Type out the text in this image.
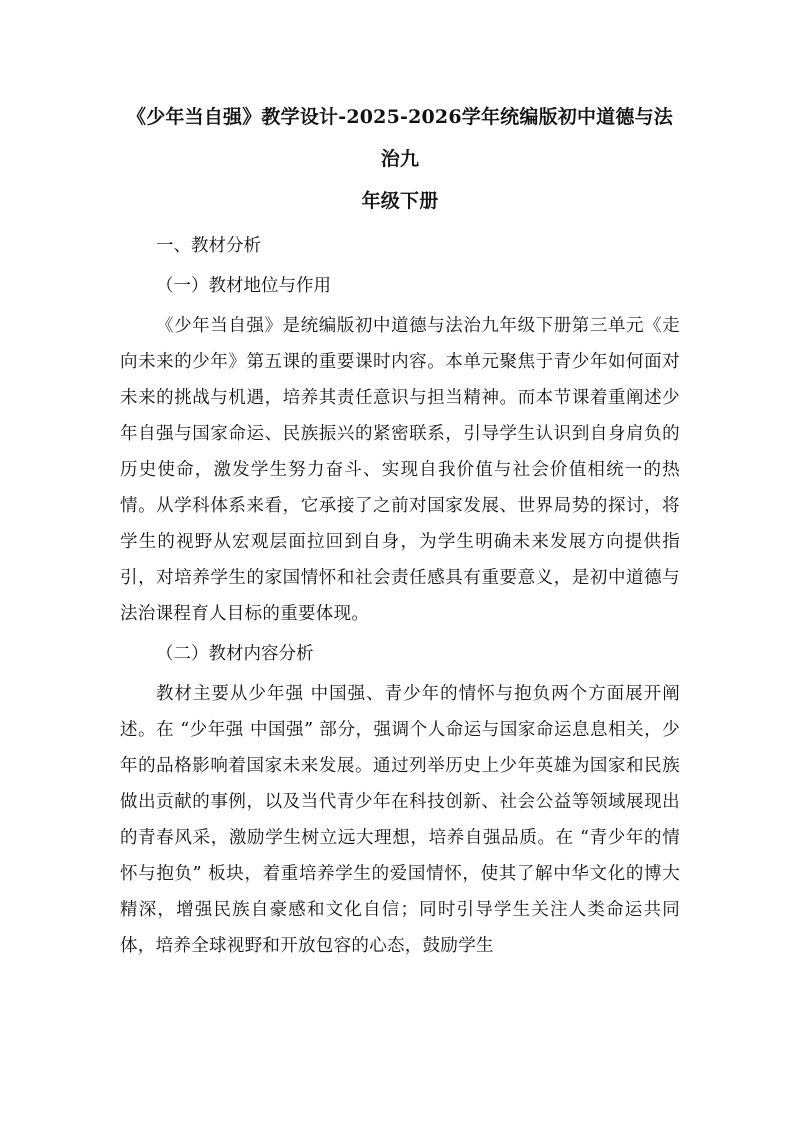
《少年当自强》教学设计-2025-2026学年统编版初中道德与法治九
年级下册

一、教材分析

（一）教材地位与作用

《少年当自强》是统编版初中道德与法治九年级下册第三单元《走向未来的少年》第五课的重要课时内容。本单元聚焦于青少年如何面对未来的挑战与机遇，培养其责任意识与担当精神。而本节课着重阐述少年自强与国家命运、民族振兴的紧密联系，引导学生认识到自身肩负的历史使命，激发学生努力奋斗、实现自我价值与社会价值相统一的热情。从学科体系来看，它承接了之前对国家发展、世界局势的探讨，将学生的视野从宏观层面拉回到自身，为学生明确未来发展方向提供指引，对培养学生的家国情怀和社会责任感具有重要意义，是初中道德与法治课程育人目标的重要体现。

（二）教材内容分析

教材主要从少年强 中国强、青少年的情怀与抱负两个方面展开阐述。在 “少年强 中国强” 部分，强调个人命运与国家命运息息相关，少年的品格影响着国家未来发展。通过列举历史上少年英雄为国家和民族做出贡献的事例，以及当代青少年在科技创新、社会公益等领域展现出的青春风采，激励学生树立远大理想，培养自强品质。在 “青少年的情怀与抱负” 板块，着重培养学生的爱国情怀，使其了解中华文化的博大精深，增强民族自豪感和文化自信；同时引导学生关注人类命运共同体，培养全球视野和开放包容的心态，鼓励学生
